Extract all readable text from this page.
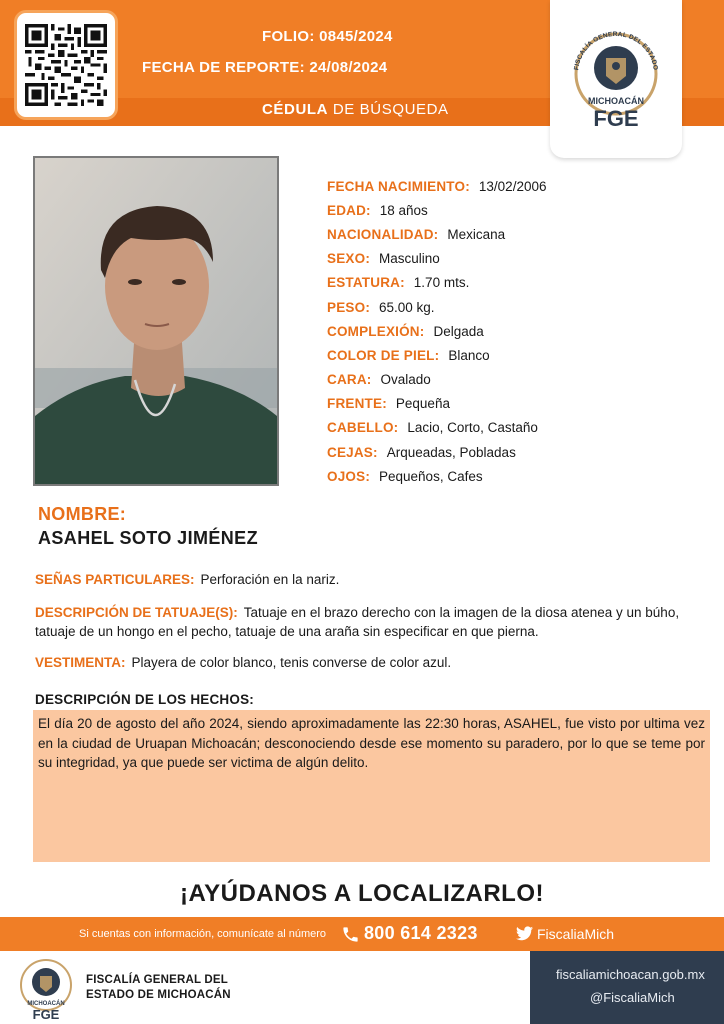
FOLIO: 0845/2024
FECHA DE REPORTE: 24/08/2024
CÉDULA DE BÚSQUEDA
FISCALÍA GENERAL DEL ESTADO
MICHOACÁN
FGE
FECHA NACIMIENTO: 13/02/2006
EDAD: 18 años
NACIONALIDAD: Mexicana
SEXO: Masculino
ESTATURA: 1.70 mts.
PESO: 65.00 kg.
COMPLEXIÓN: Delgada
COLOR DE PIEL: Blanco
CARA: Ovalado
FRENTE: Pequeña
CABELLO: Lacio, Corto, Castaño
CEJAS: Arqueadas, Pobladas
OJOS: Pequeños, Cafes
NOMBRE:
ASAHEL SOTO JIMÉNEZ
SEÑAS PARTICULARES: Perforación en la nariz.
DESCRIPCIÓN DE TATUAJE(S): Tatuaje en el brazo derecho con la imagen de la diosa atenea y un búho, tatuaje de un hongo en el pecho, tatuaje de una araña sin especificar en que pierna.
VESTIMENTA: Playera de color blanco, tenis converse de color azul.
DESCRIPCIÓN DE LOS HECHOS:
El día 20 de agosto del año 2024, siendo aproximadamente las 22:30 horas, ASAHEL, fue visto por ultima vez en la ciudad de Uruapan Michoacán; desconociendo desde ese momento su paradero, por lo que se teme por su integridad, ya que puede ser victima de algún delito.
¡AYÚDANOS A LOCALIZARLO!
Si cuentas con información, comunícate al número 800 614 2323	FiscaliaMich
MICHOACÁN
FGE
FISCALÍA GENERAL DEL
ESTADO DE MICHOACÁN
fiscaliamichoacan.gob.mx
@FiscaliaMich
